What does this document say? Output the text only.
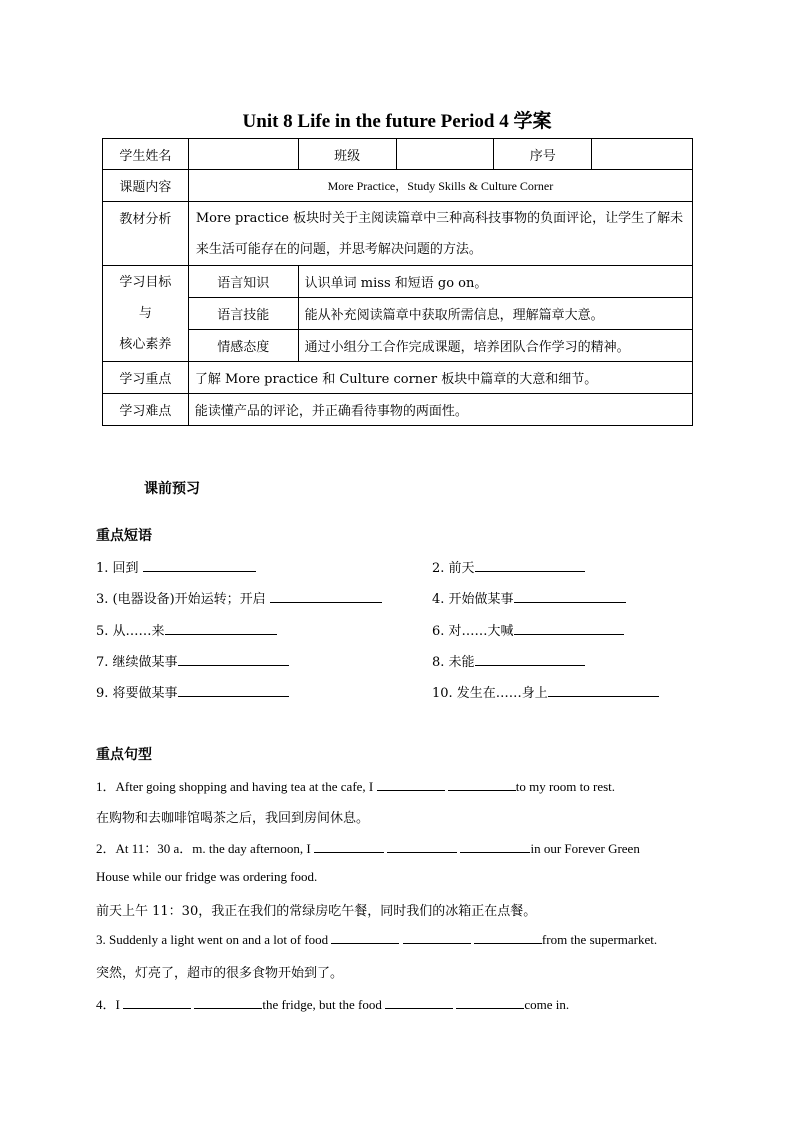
Unit 8 Life in the future Period 4 学案
学生姓名		班级		序号	
课题内容	More Practice，Study Skills & Culture Corner				
教材分析	More practice 板块时关于主阅读篇章中三种高科技事物的负面评论，让学生了解未来生活可能存在的问题，并思考解决问题的方法。				

学习目标
与
核心素养	语言知识	认识单词 miss 和短语 go on。			
	语言技能	能从补充阅读篇章中获取所需信息，理解篇章大意。			
	情感态度	通过小组分工合作完成课题，培养团队合作学习的精神。			
学习重点	了解 More practice 和 Culture corner 板块中篇章的大意和细节。				
学习难点	能读懂产品的评论，并正确看待事物的两面性。				
课前预习
重点短语
1. 回到	2. 前天
3. (电器设备)开始运转；开启	4. 开始做某事
5. 从……来	6. 对……大喊
7. 继续做某事	8. 未能
9. 将要做某事	10. 发生在……身上
重点句型
1．After going shopping and having tea at the cafe, I	to my room to rest.
在购物和去咖啡馆喝茶之后，我回到房间休息。
2．At 11：30 a．m. the day afternoon, I	in our Forever Green
House while our fridge was ordering food.
前天上午 11：30，我正在我们的常绿房吃午餐，同时我们的冰箱正在点餐。
3. Suddenly a light went on and a lot of food	from the supermarket.
突然，灯亮了，超市的很多食物开始到了。
4．I	the fridge, but the food	come in.
